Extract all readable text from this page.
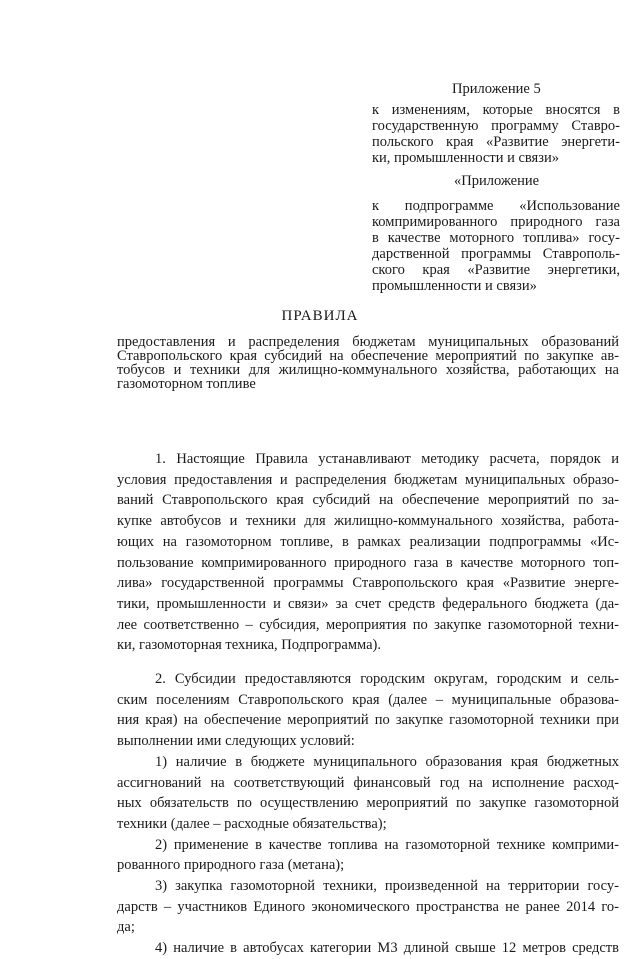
Приложение 5
к изменениям, которые вносятся в
государственную программу Ставро-
польского края «Развитие энергети-
ки, промышленности и связи»
«Приложение
к подпрограмме «Использование
компримированного природного газа
в качестве моторного топлива» госу-
дарственной программы Ставрополь-
ского края «Развитие энергетики,
промышленности и связи»
ПРАВИЛА
предоставления и распределения бюджетам муниципальных образований
Ставропольского края субсидий на обеспечение мероприятий по закупке ав-
тобусов и техники для жилищно-коммунального хозяйства, работающих на
газомоторном топливе
1. Настоящие Правила устанавливают методику расчета, порядок и
условия предоставления и распределения бюджетам муниципальных образо-
ваний Ставропольского края субсидий на обеспечение мероприятий по за-
купке автобусов и техники для жилищно-коммунального хозяйства, работа-
ющих на газомоторном топливе, в рамках реализации подпрограммы «Ис-
пользование компримированного природного газа в качестве моторного топ-
лива» государственной программы Ставропольского края «Развитие энерге-
тики, промышленности и связи» за счет средств федерального бюджета (да-
лее соответственно – субсидия, мероприятия по закупке газомоторной техни-
ки, газомоторная техника, Подпрограмма).
2. Субсидии предоставляются городским округам, городским и сель-
ским поселениям Ставропольского края (далее – муниципальные образова-
ния края) на обеспечение мероприятий по закупке газомоторной техники при
выполнении ими следующих условий:
1) наличие в бюджете муниципального образования края бюджетных
ассигнований на соответствующий финансовый год на исполнение расход-
ных обязательств по осуществлению мероприятий по закупке газомоторной
техники (далее – расходные обязательства);
2) применение в качестве топлива на газомоторной технике комприми-
рованного природного газа (метана);
3) закупка газомоторной техники, произведенной на территории госу-
дарств – участников Единого экономического пространства не ранее 2014 го-
да;
4) наличие в автобусах категории М3 длиной свыше 12 метров средств
